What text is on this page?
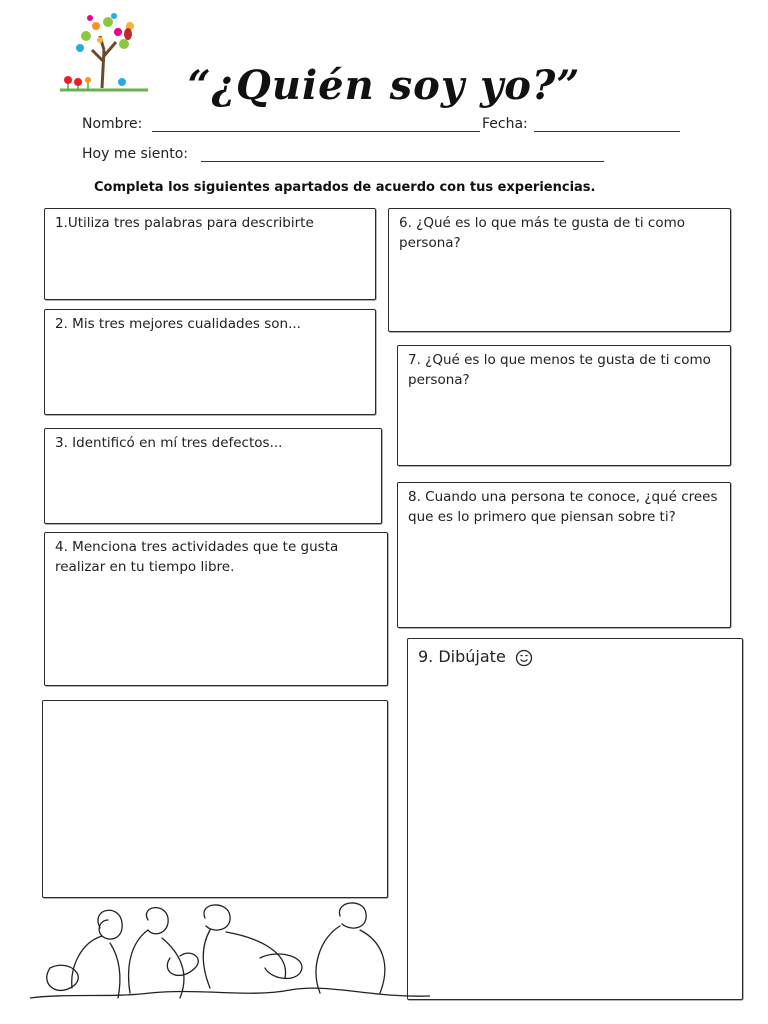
“¿Quién soy yo?”
Nombre:	Fecha:
Hoy me siento:
Completa los siguientes apartados de acuerdo con tus experiencias.
1.Utiliza tres palabras para describirte
2. Mis tres mejores cualidades son...
3. Identificó en mí tres defectos...
4. Menciona tres actividades que te gusta realizar en tu tiempo libre.
6. ¿Qué es lo que más te gusta de ti como persona?
7. ¿Qué es lo que menos te gusta de ti como persona?
8. Cuando una persona te conoce, ¿qué crees que es lo primero que piensan sobre ti?
9. Dibújate
